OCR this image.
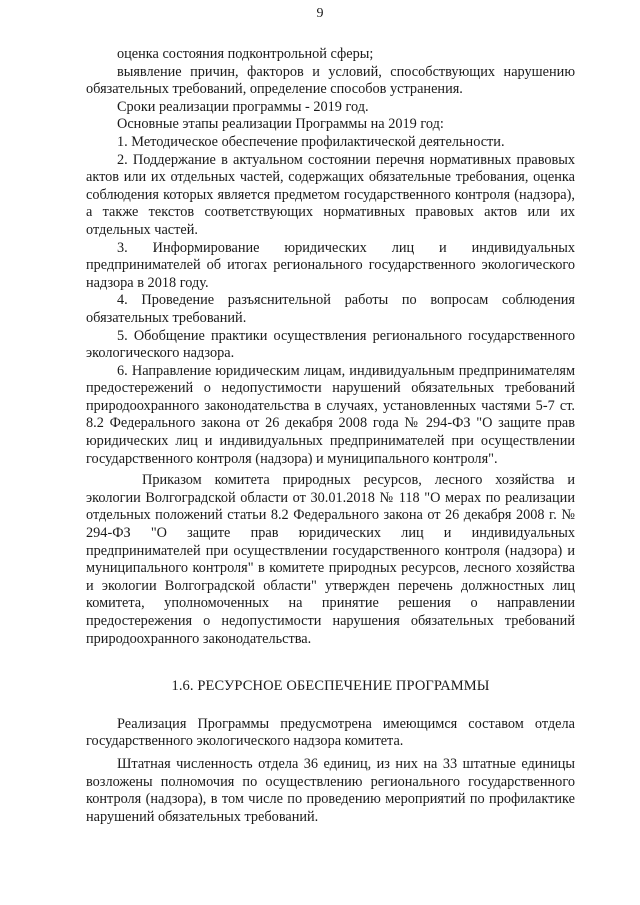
9

оценка состояния подконтрольной сферы;

выявление причин, факторов и условий, способствующих нарушению обязательных требований, определение способов устранения.

Сроки реализации программы - 2019 год.

Основные этапы реализации Программы на 2019 год:

1. Методическое обеспечение профилактической деятельности.

2. Поддержание в актуальном состоянии перечня нормативных правовых актов или их отдельных частей, содержащих обязательные требования, оценка соблюдения которых является предметом государственного контроля (надзора), а также текстов соответствующих нормативных правовых актов или их отдельных частей.

3. Информирование юридических лиц и индивидуальных предпринимателей об итогах регионального государственного экологического надзора в 2018 году.

4. Проведение разъяснительной работы по вопросам соблюдения обязательных требований.

5. Обобщение практики осуществления регионального государственного экологического надзора.

6. Направление юридическим лицам, индивидуальным предпринимателям предостережений о недопустимости нарушений обязательных требований природоохранного законодательства в случаях, установленных частями 5-7 ст. 8.2 Федерального закона от 26 декабря 2008 года № 294-ФЗ "О защите прав юридических лиц и индивидуальных предпринимателей при осуществлении государственного контроля (надзора) и муниципального контроля".

Приказом комитета природных ресурсов, лесного хозяйства и экологии Волгоградской области от 30.01.2018 № 118 "О мерах по реализации отдельных положений статьи 8.2 Федерального закона от 26 декабря 2008 г. № 294-ФЗ "О защите прав юридических лиц и индивидуальных предпринимателей при осуществлении государственного контроля (надзора) и муниципального контроля" в комитете природных ресурсов, лесного хозяйства и экологии Волгоградской области" утвержден перечень должностных лиц комитета, уполномоченных на принятие решения о направлении предостережения о недопустимости нарушения обязательных требований природоохранного законодательства.

1.6. РЕСУРСНОЕ ОБЕСПЕЧЕНИЕ ПРОГРАММЫ

Реализация Программы предусмотрена имеющимся составом отдела государственного экологического надзора комитета.

Штатная численность отдела 36 единиц, из них на 33 штатные единицы возложены полномочия по осуществлению регионального государственного контроля (надзора), в том числе по проведению мероприятий по профилактике нарушений обязательных требований.
